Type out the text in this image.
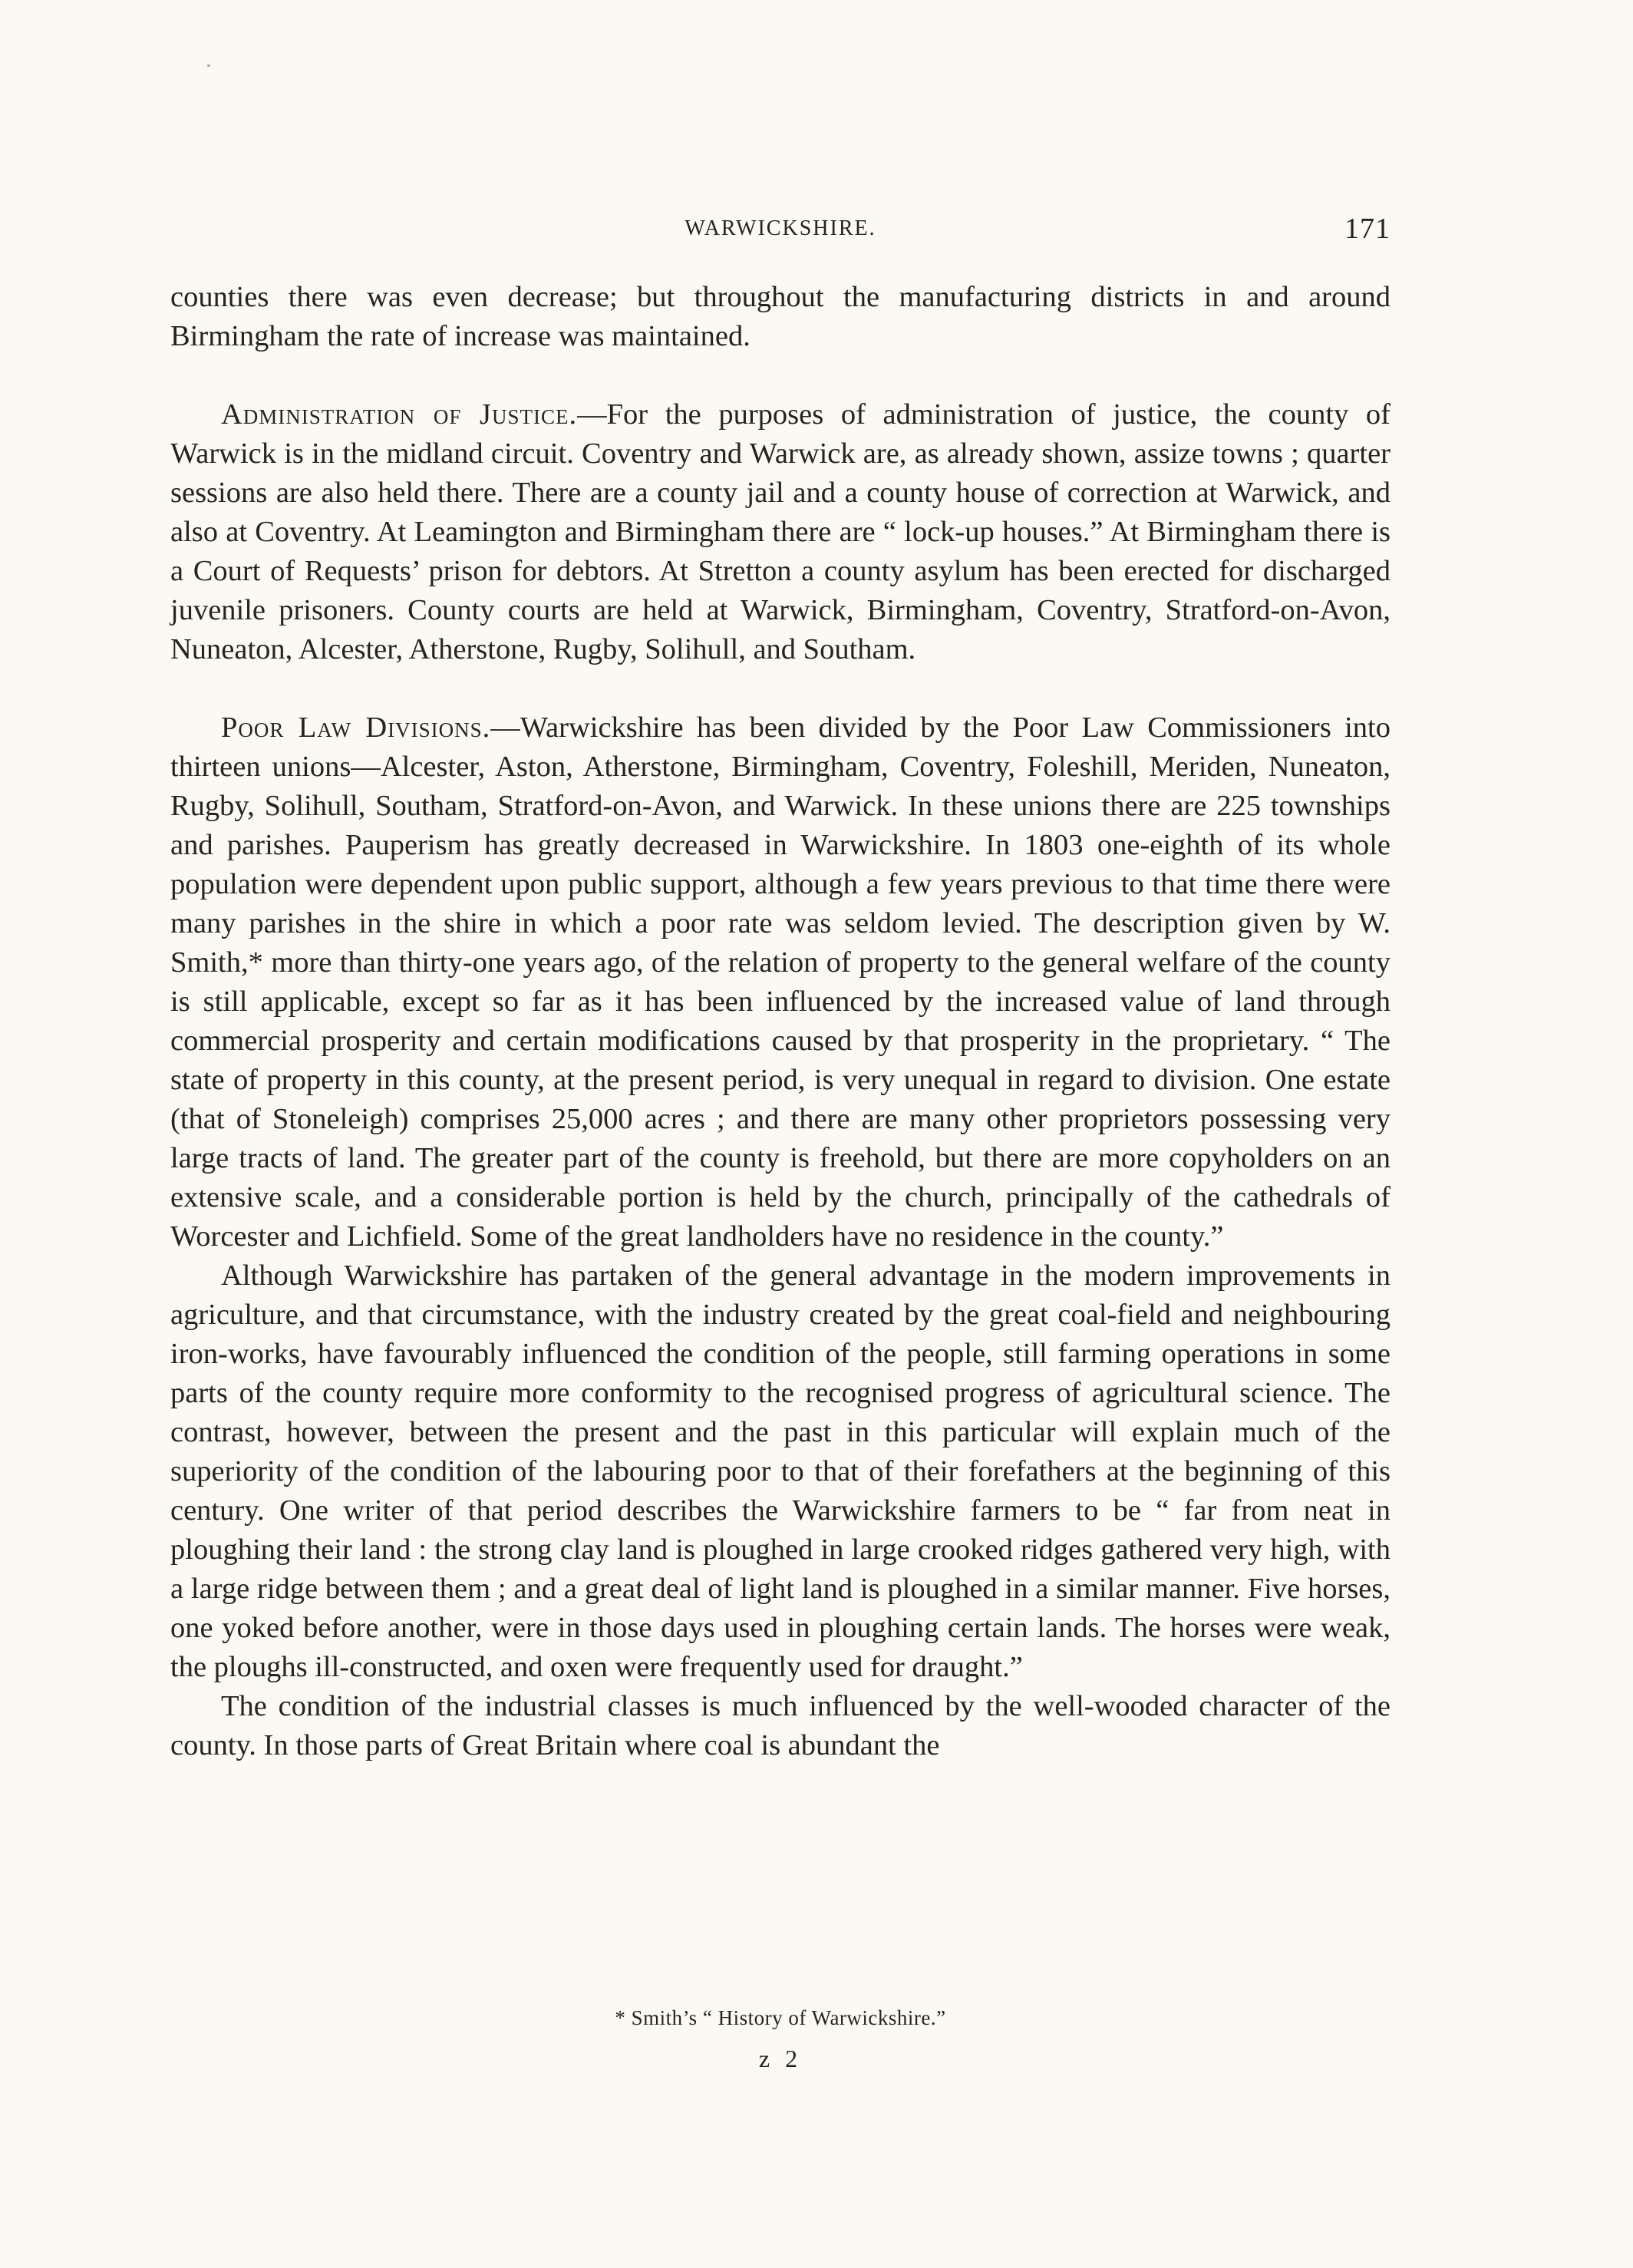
WARWICKSHIRE.	171

counties there was even decrease; but throughout the manufacturing districts in and around Birmingham the rate of increase was maintained.

Administration of Justice.—For the purposes of administration of justice, the county of Warwick is in the midland circuit. Coventry and Warwick are, as already shown, assize towns ; quarter sessions are also held there. There are a county jail and a county house of correction at Warwick, and also at Coventry. At Leamington and Birmingham there are “ lock-up houses.” At Birmingham there is a Court of Requests’ prison for debtors. At Stretton a county asylum has been erected for discharged juvenile prisoners. County courts are held at Warwick, Birmingham, Coventry, Stratford-on-Avon, Nuneaton, Alcester, Atherstone, Rugby, Solihull, and Southam.

Poor Law Divisions.—Warwickshire has been divided by the Poor Law Commissioners into thirteen unions—Alcester, Aston, Atherstone, Birmingham, Coventry, Foleshill, Meriden, Nuneaton, Rugby, Solihull, Southam, Stratford-on-Avon, and Warwick. In these unions there are 225 townships and parishes. Pauperism has greatly decreased in Warwickshire. In 1803 one-eighth of its whole population were dependent upon public support, although a few years previous to that time there were many parishes in the shire in which a poor rate was seldom levied. The description given by W. Smith,* more than thirty-one years ago, of the relation of property to the general welfare of the county is still applicable, except so far as it has been influenced by the increased value of land through commercial prosperity and certain modifications caused by that prosperity in the proprietary. “ The state of property in this county, at the present period, is very unequal in regard to division. One estate (that of Stoneleigh) comprises 25,000 acres ; and there are many other proprietors possessing very large tracts of land. The greater part of the county is freehold, but there are more copyholders on an extensive scale, and a considerable portion is held by the church, principally of the cathedrals of Worcester and Lichfield. Some of the great landholders have no residence in the county.”

Although Warwickshire has partaken of the general advantage in the modern improvements in agriculture, and that circumstance, with the industry created by the great coal-field and neighbouring iron-works, have favourably influenced the condition of the people, still farming operations in some parts of the county require more conformity to the recognised progress of agricultural science. The contrast, however, between the present and the past in this particular will explain much of the superiority of the condition of the labouring poor to that of their forefathers at the beginning of this century. One writer of that period describes the Warwickshire farmers to be “ far from neat in ploughing their land : the strong clay land is ploughed in large crooked ridges gathered very high, with a large ridge between them ; and a great deal of light land is ploughed in a similar manner. Five horses, one yoked before another, were in those days used in ploughing certain lands. The horses were weak, the ploughs ill-constructed, and oxen were frequently used for draught.”

The condition of the industrial classes is much influenced by the well-wooded character of the county. In those parts of Great Britain where coal is abundant the

* Smith’s “ History of Warwickshire.”
z 2
